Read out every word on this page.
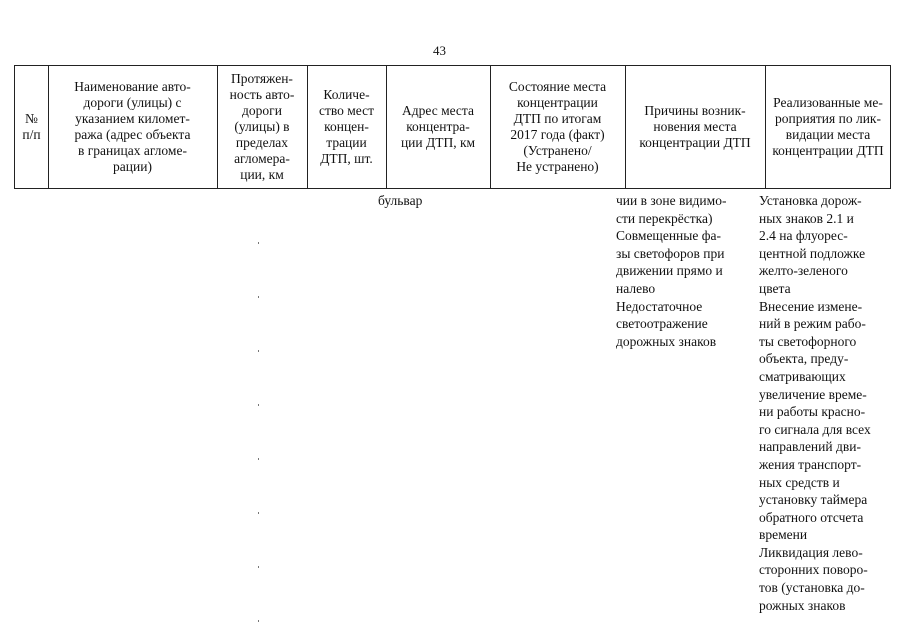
43
№
п/п
Наименование авто-
дороги (улицы) с
указанием километ-
ража (адрес объекта
в границах агломе-
рации)
Протяжен-
ность авто-
дороги
(улицы) в
пределах
агломера-
ции, км
Количе-
ство мест
концен-
трации
ДТП, шт.
Адрес места
концентра-
ции ДТП, км
Состояние места
концентрации
ДТП по итогам
2017 года (факт)
(Устранено/
Не устранено)
Причины возник-
новения места
концентрации ДТП
Реализованные ме-
роприятия по лик-
видации места
концентрации ДТП
бульвар	чии в зоне видимо-
сти перекрёстка)
Совмещенные фа-
зы светофоров при
движении прямо и
налево
Недостаточное
светоотражение
дорожных знаков
Установка дорож-
ных знаков 2.1 и
2.4 на флуорес-
центной подложке
желто-зеленого
цвета
Внесение измене-
ний в режим рабо-
ты светофорного
объекта, преду-
сматривающих
увеличение време-
ни работы красно-
го сигнала для всех
направлений дви-
жения транспорт-
ных средств и
установку таймера
обратного отсчета
времени
Ликвидация лево-
сторонних поворо-
тов (установка до-
рожных знаков
